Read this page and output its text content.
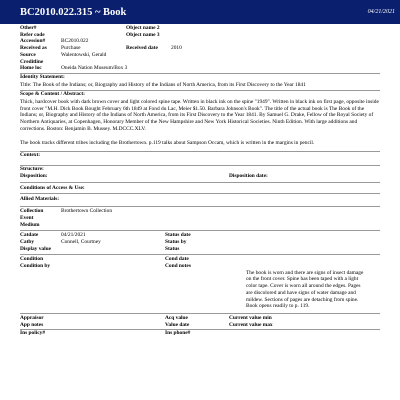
BC2010.022.315 ~ Book	04/21/2021
Other#	Object name 2
Refer code	Object name 3
Accession#	BC2010.022
Received as	Purchase	Received date	2010
Source	Walentowski, Gerald
Creditline
Home loc	Oneida Nation Museum/Box 3
Identity Statement:
Title: The Book of the Indians; or, Biography and History of the Indians of North America, from its First Discovery to the Year 1841
Scope & Content / Abstract:
Thick, hardcover book with dark brown cover and light colored spine tape. Written in black ink on the spine "1949". Written in black ink on first page, opposite inside front cover "M.H. Dick Book Bought February 6th 1849 at Fond du Lac, Meier $1.50. Barbara Johnson's Book". The title of the actual book is The Book of the Indians; or, Biography and History of the Indians of North America, from its First Discovery to the Year 1841. By Samuel G. Drake, Fellow of the Royal Society of Northern Antiquaries, at Copenhagen, Honorary Member of the New Hampshire and New York Historical Societies. Ninth Edition. With large additions and corrections. Boston: Benjamin B. Mussey. M.DCCC.XLV.
The book tracks different tribes including the Brothertown. p.119 talks about Sampson Occam, which is written in the margins in pencil.
Context:
Structure:
Disposition:	Disposition date:
Conditions of Access & Use:
Allied Materials:
Collection	Brothertown Collection
Event
Medium
Catdate	04/21/2021	Status date
Catby	Connell, Courtney	Status by
Display value	Status
Condition	Cond date
Condition by	Cond notes
The book is worn and there are signs of insect damage on the front cover. Spine has been taped with a light color tape. Cover is worn all around the edges. Pages are discolored and have signs of water damage and mildew. Sections of pages are detaching from spine. Book opens readily to p. 119.
Appraisor	Acq value	Current value min
App notes	Value date	Current value max
Ins policy#	Ins phone#
